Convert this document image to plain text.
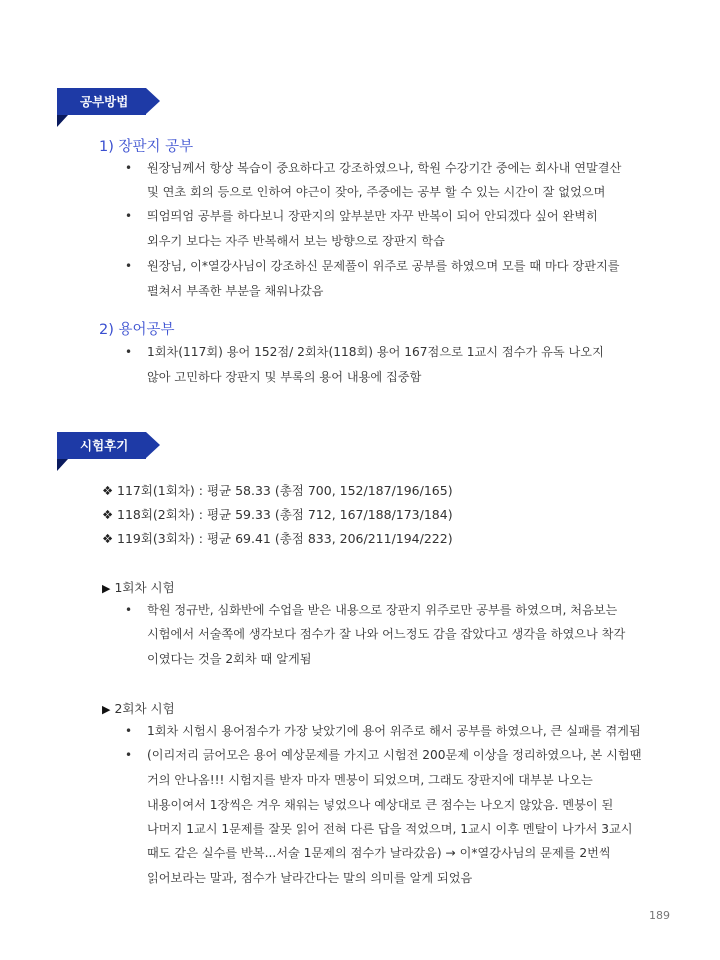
공부방법
1) 장판지 공부
• 원장님께서 항상 복습이 중요하다고 강조하였으나, 학원 수강기간 중에는 회사내 연말결산
및 연초 회의 등으로 인하여 야근이 잦아, 주중에는 공부 할 수 있는 시간이 잘 없었으며
• 띄엄띄엄 공부를 하다보니 장판지의 앞부분만 자꾸 반복이 되어 안되겠다 싶어 완벽히
외우기 보다는 자주 반복해서 보는 방향으로 장판지 학습
• 원장님, 이*열강사님이 강조하신 문제풀이 위주로 공부를 하였으며 모를 때 마다 장판지를
펼쳐서 부족한 부분을 채워나갔음
2) 용어공부
• 1회차(117회) 용어 152점/ 2회차(118회) 용어 167점으로 1교시 점수가 유독 나오지
않아 고민하다 장판지 및 부록의 용어 내용에 집중함
시험후기
❖ 117회(1회차) : 평균 58.33 (총점 700, 152/187/196/165)
❖ 118회(2회차) : 평균 59.33 (총점 712, 167/188/173/184)
❖ 119회(3회차) : 평균 69.41 (총점 833, 206/211/194/222)
▶ 1회차 시험
• 학원 정규반, 심화반에 수업을 받은 내용으로 장판지 위주로만 공부를 하였으며, 처음보는
시험에서 서술쪽에 생각보다 점수가 잘 나와 어느정도 감을 잡았다고 생각을 하였으나 착각
이였다는 것을 2회차 때 알게됨
▶ 2회차 시험
• 1회차 시험시 용어점수가 가장 낮았기에 용어 위주로 해서 공부를 하였으나, 큰 실패를 겪게됨
• (이리저리 긁어모은 용어 예상문제를 가지고 시험전 200문제 이상을 정리하였으나, 본 시험땐
거의 안나옴!!! 시험지를 받자 마자 멘붕이 되었으며, 그래도 장판지에 대부분 나오는
내용이여서 1장씩은 겨우 채워는 넣었으나 예상대로 큰 점수는 나오지 않았음. 멘붕이 된
나머지 1교시 1문제를 잘못 읽어 전혀 다른 답을 적었으며, 1교시 이후 멘탈이 나가서 3교시
때도 같은 실수를 반복...서술 1문제의 점수가 날라갔음) → 이*열강사님의 문제를 2번씩
읽어보라는 말과, 점수가 날라간다는 말의 의미를 알게 되었음
189
